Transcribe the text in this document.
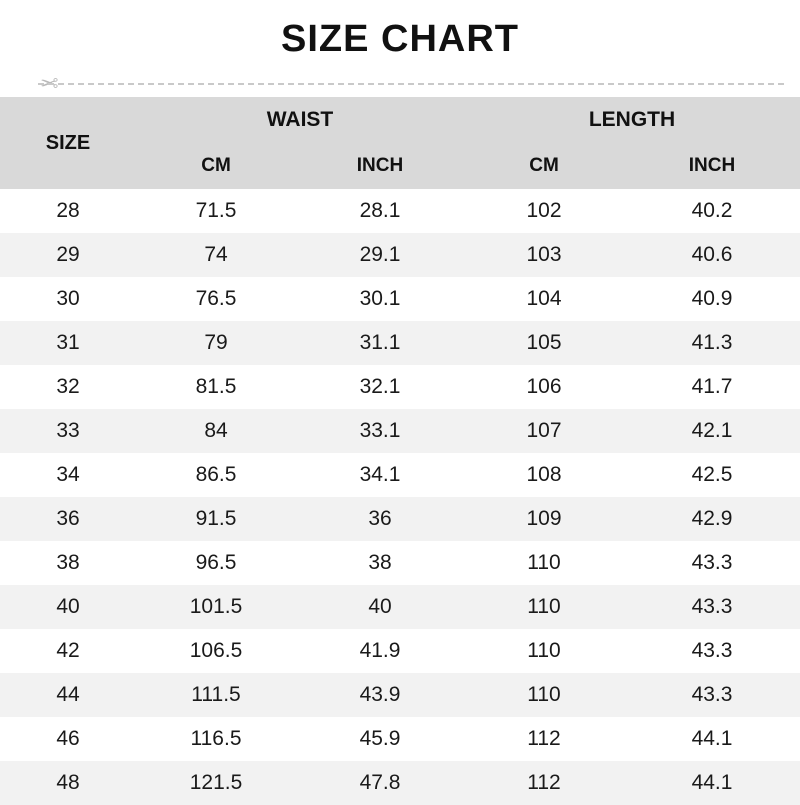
SIZE CHART
✂
SIZE	WAIST		LENGTH	
	CM	INCH	CM	INCH
28	71.5	28.1	102	40.2
29	74	29.1	103	40.6
30	76.5	30.1	104	40.9
31	79	31.1	105	41.3
32	81.5	32.1	106	41.7
33	84	33.1	107	42.1
34	86.5	34.1	108	42.5
36	91.5	36	109	42.9
38	96.5	38	110	43.3
40	101.5	40	110	43.3
42	106.5	41.9	110	43.3
44	111.5	43.9	110	43.3
46	116.5	45.9	112	44.1
48	121.5	47.8	112	44.1
